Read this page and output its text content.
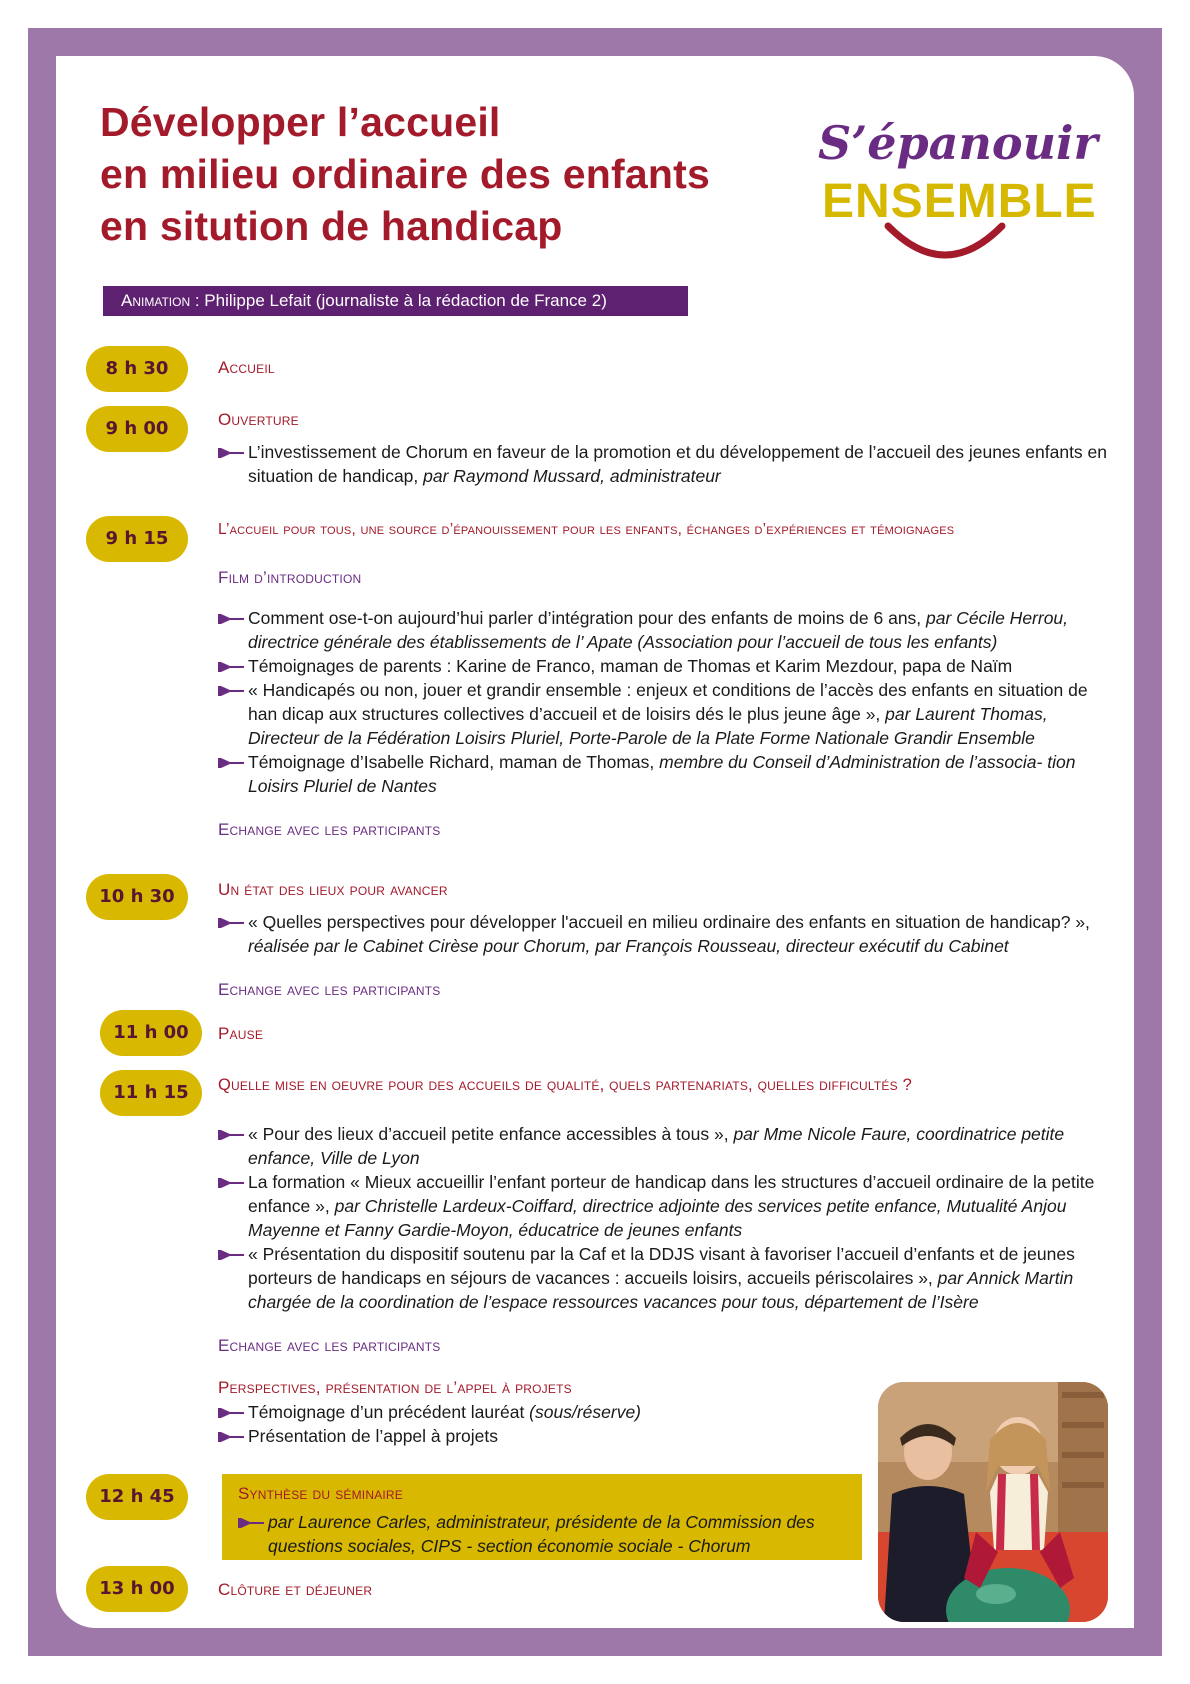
Développer l’accueil
en milieu ordinaire des enfants
en sitution de handicap
S’épanouir
ENSEMBLE
Animation : Philippe Lefait (journaliste à la rédaction de France 2)
8 h 30	Accueil
9 h 00	Ouverture
L’investissement de Chorum en faveur de la promotion et du développement de l’accueil des jeunes enfants en situation de handicap, par Raymond Mussard, administrateur
9 h 15	L’accueil pour tous, une source d’épanouissement pour les enfants, échanges d’expériences et témoignages
Film d’introduction
Comment ose-t-on aujourd’hui parler d’intégration pour des enfants de moins de 6 ans, par Cécile Herrou, directrice générale des établissements de l’ Apate (Association pour l’accueil de tous les enfants)
Témoignages de parents : Karine de Franco, maman de Thomas et Karim Mezdour, papa de Naïm
« Handicapés ou non, jouer et grandir ensemble : enjeux et conditions de l’accès des enfants en situation de han dicap aux structures collectives d’accueil et de loisirs dés le plus jeune âge », par Laurent Thomas, Directeur de la Fédération Loisirs Pluriel, Porte-Parole de la Plate Forme Nationale Grandir Ensemble
Témoignage d’Isabelle Richard, maman de Thomas, membre du Conseil d’Administration de l’associa- tion Loisirs Pluriel de Nantes
Echange avec les participants
10 h 30	Un état des lieux pour avancer
« Quelles perspectives pour développer l'accueil en milieu ordinaire des enfants en situation de handicap? », réalisée par le Cabinet Cirèse pour Chorum, par François Rousseau, directeur exécutif du Cabinet
Echange avec les participants
11 h 00	Pause
11 h 15	Quelle mise en oeuvre pour des accueils de qualité, quels partenariats, quelles difficultés ?
« Pour des lieux d’accueil petite enfance accessibles à tous », par Mme Nicole Faure, coordinatrice petite enfance, Ville de Lyon
La formation « Mieux accueillir l’enfant porteur de handicap dans les structures d’accueil ordinaire de la petite enfance », par Christelle Lardeux-Coiffard, directrice adjointe des services petite enfance, Mutualité Anjou Mayenne et Fanny Gardie-Moyon, éducatrice de jeunes enfants
« Présentation du dispositif soutenu par la Caf et la DDJS visant à favoriser l’accueil d’enfants et de jeunes porteurs de handicaps en séjours de vacances : accueils loisirs, accueils périscolaires », par Annick Martin chargée de la coordination de l’espace ressources vacances pour tous, département de l’Isère
Echange avec les participants
Perspectives, présentation de l’appel à projets
Témoignage d’un précédent lauréat (sous/réserve)
Présentation de l’appel à projets
12 h 45	Synthèse du séminaire
par Laurence Carles, administrateur, présidente de la Commission des questions sociales, CIPS - section économie sociale - Chorum
13 h 00	Clôture et déjeuner
